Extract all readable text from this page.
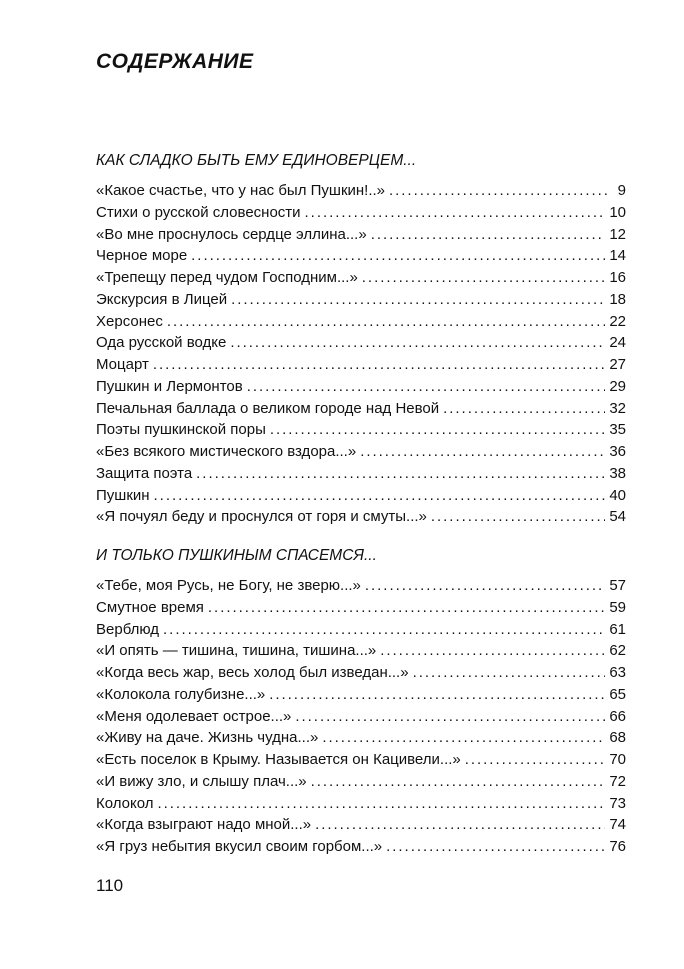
СОДЕРЖАНИЕ
КАК СЛАДКО БЫТЬ ЕМУ ЕДИНОВЕРЦЕМ...
«Какое счастье, что у нас был Пушкин!..» . . .	9
Стихи о русской словесности . . .	10
«Во мне проснулось сердце эллина...» . . .	12
Черное море . . .	14
«Трепещу перед чудом Господним...» . . .	16
Экскурсия в Лицей . . .	18
Херсонес . . .	22
Ода русской водке . . .	24
Моцарт . . .	27
Пушкин и Лермонтов . . .	29
Печальная баллада о великом городе над Невой . . .	32
Поэты пушкинской поры . . .	35
«Без всякого мистического вздора...» . . .	36
Защита поэта . . .	38
Пушкин . . .	40
«Я почуял беду и проснулся от горя и смуты...» . . .	54
И ТОЛЬКО ПУШКИНЫМ СПАСЕМСЯ...
«Тебе, моя Русь, не Богу, не зверю...» . . .	57
Смутное время . . .	59
Верблюд . . .	61
«И опять — тишина, тишина, тишина...» . . .	62
«Когда весь жар, весь холод был изведан...» . . .	63
«Колокола голубизне...» . . .	65
«Меня одолевает острое...» . . .	66
«Живу на даче. Жизнь чудна...» . . .	68
«Есть поселок в Крыму. Называется он Кацивели...» . . .	70
«И вижу зло, и слышу плач...» . . .	72
Колокол . . .	73
«Когда взыграют надо мной...» . . .	74
«Я груз небытия вкусил своим горбом...» . . .	76
110
